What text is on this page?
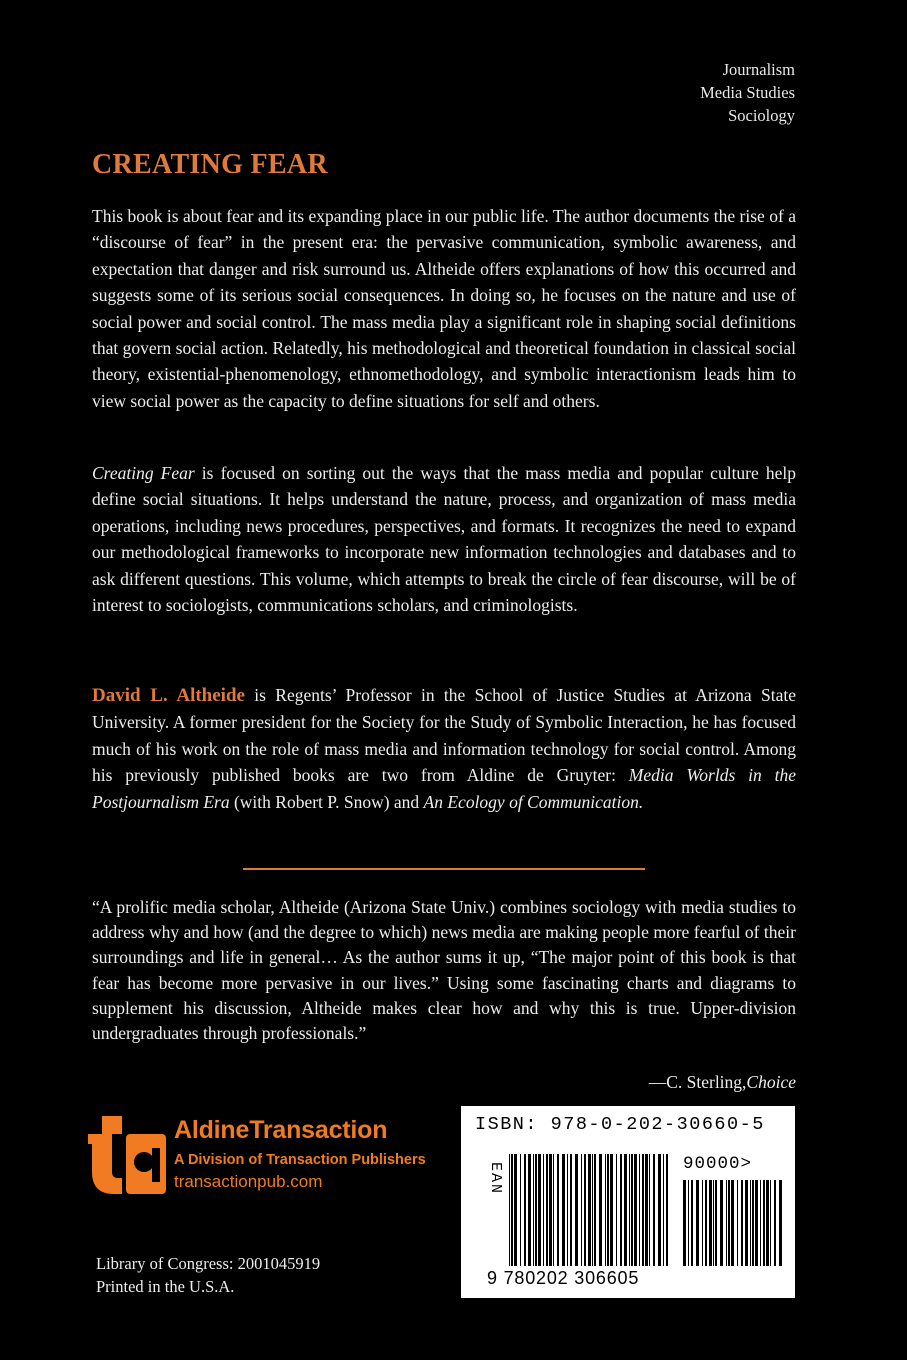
Journalism
Media Studies
Sociology
CREATING FEAR

This book is about fear and its expanding place in our public life. The author documents the rise of a “discourse of fear” in the present era: the pervasive communication, symbolic awareness, and expectation that danger and risk surround us. Altheide offers explanations of how this occurred and suggests some of its serious social consequences. In doing so, he focuses on the nature and use of social power and social control. The mass media play a significant role in shaping social definitions that govern social action. Relatedly, his methodological and theoretical foundation in classical social theory, existential-phenomenology, ethnomethodology, and symbolic interactionism leads him to view social power as the capacity to define situations for self and others.

Creating Fear is focused on sorting out the ways that the mass media and popular culture help define social situations. It helps understand the nature, process, and organization of mass media operations, including news procedures, perspectives, and formats. It recognizes the need to expand our methodological frameworks to incorporate new information technologies and databases and to ask different questions. This volume, which attempts to break the circle of fear discourse, will be of interest to sociologists, communications scholars, and criminologists.

David L. Altheide is Regents’ Professor in the School of Justice Studies at Arizona State University. A former president for the Society for the Study of Symbolic Interaction, he has focused much of his work on the role of mass media and information technology for social control. Among his previously published books are two from Aldine de Gruyter: Media Worlds in the Postjournalism Era (with Robert P. Snow) and An Ecology of Communication.

“A prolific media scholar, Altheide (Arizona State Univ.) combines sociology with media studies to address why and how (and the degree to which) news media are making people more fearful of their surroundings and life in general… As the author sums it up, “The major point of this book is that fear has become more pervasive in our lives.” Using some fascinating charts and diagrams to supplement his discussion, Altheide makes clear how and why this is true. Upper-division undergraduates through professionals.”

—C. Sterling,Choice
AldineTransaction
A Division of Transaction Publishers
transactionpub.com
Library of Congress: 2001045919
Printed in the U.S.A.
ISBN: 978-0-202-30660-5
EAN	90000>
9 780202 306605
